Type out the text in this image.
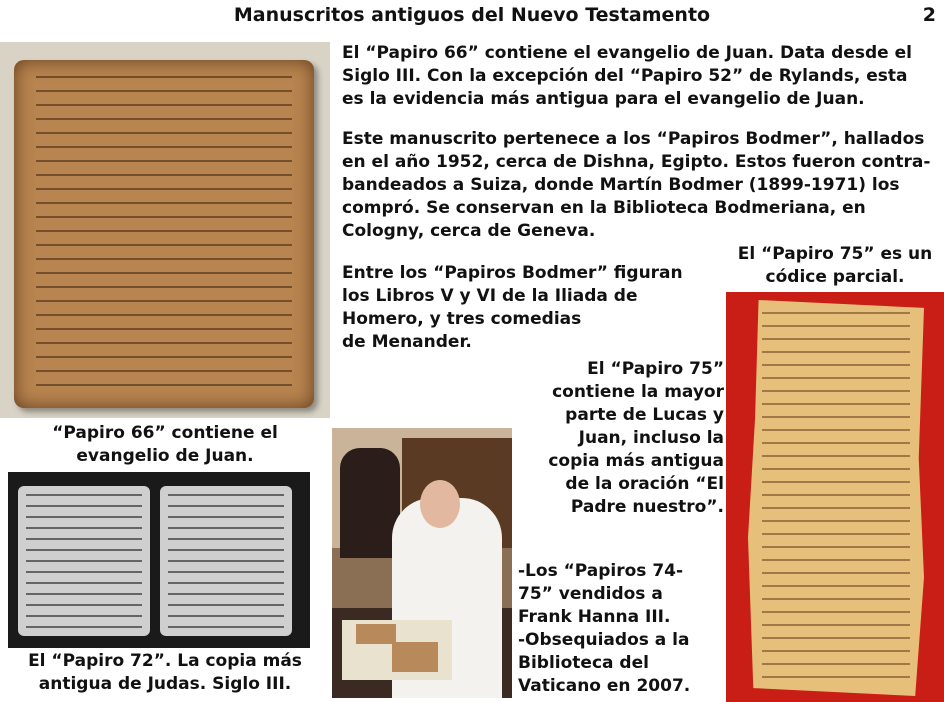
Manuscritos antiguos del Nuevo Testamento	2
El “Papiro 66” contiene el evangelio de Juan. Data desde el
Siglo III. Con la excepción del “Papiro 52” de Rylands, esta
es la evidencia más antigua para el evangelio de Juan.
Este manuscrito pertenece a los “Papiros Bodmer”, hallados
en el año 1952, cerca de Dishna, Egipto. Estos fueron contra-
bandeados a Suiza, donde Martín Bodmer (1899-1971) los
compró. Se conservan en la Biblioteca Bodmeriana, en
Cologny, cerca de Geneva.
Entre los “Papiros Bodmer” figuran
los Libros V y VI de la Iliada de
Homero, y tres comedias
de Menander.
El “Papiro 75” es un
códice parcial.
El “Papiro 75”
contiene la mayor
parte de Lucas y
Juan, incluso la
copia más antigua
de la oración “El
Padre nuestro”.
“Papiro 66” contiene el
evangelio de Juan.
El “Papiro 72”. La copia más
antigua de Judas. Siglo III.
-Los “Papiros 74-
75” vendidos a
Frank Hanna III.
-Obsequiados a la
Biblioteca del
Vaticano en 2007.
